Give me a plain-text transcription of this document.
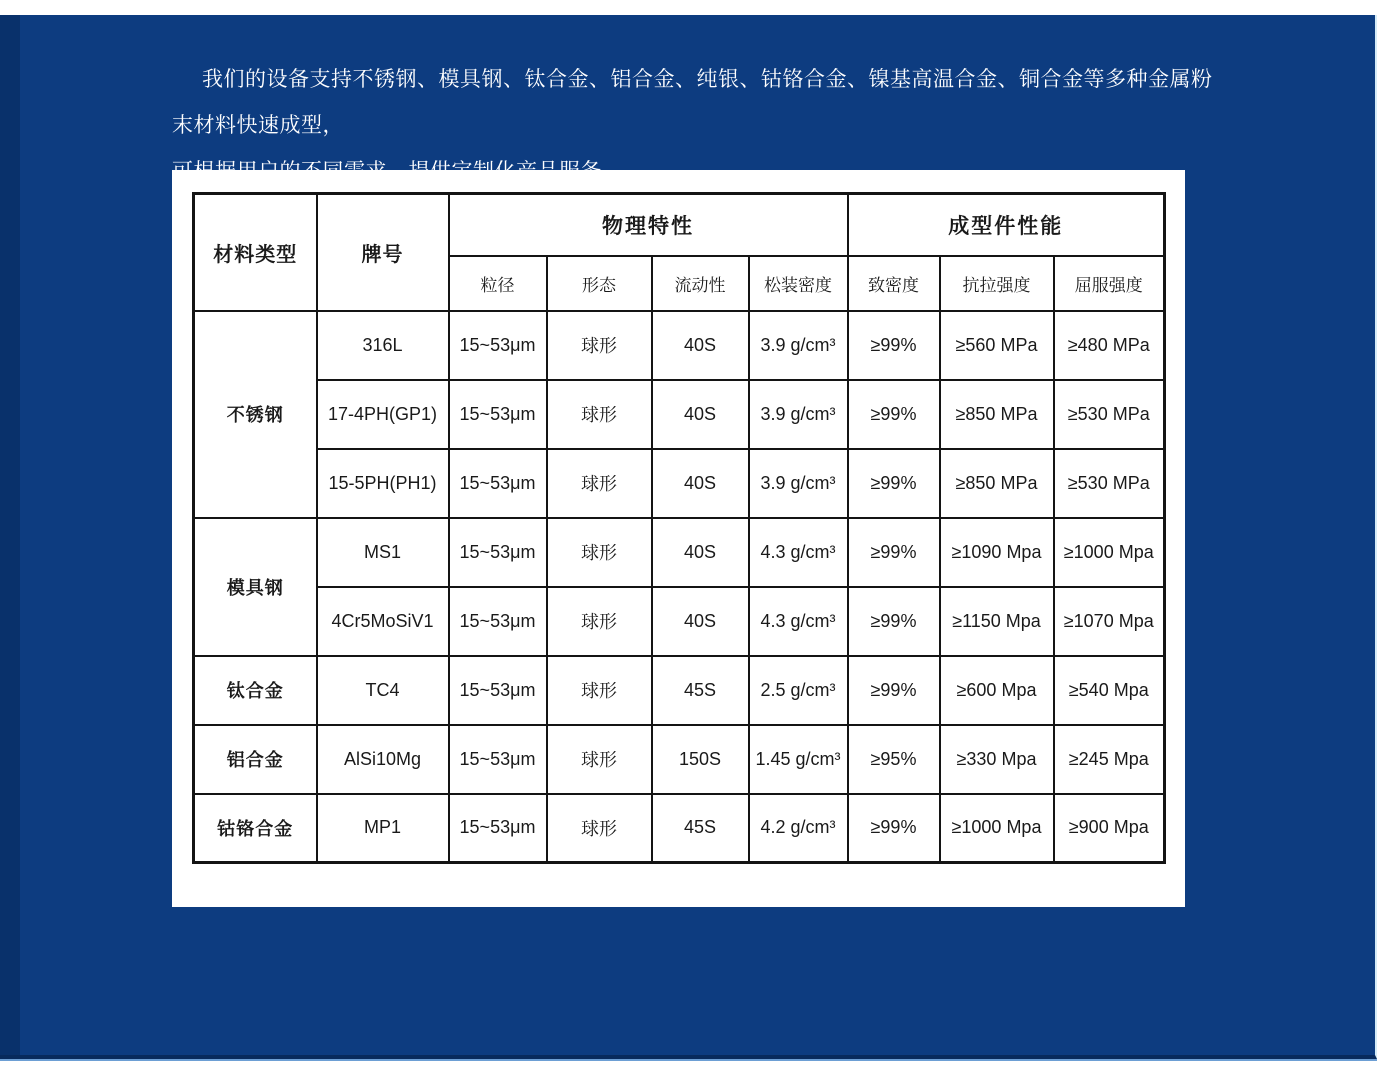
我们的设备支持不锈钢、模具钢、钛合金、铝合金、纯银、钴铬合金、镍基高温合金、铜合金等多种金属粉末材料快速成型，

材料类型	牌号	物理特性				成型件性能		
		粒径	形态	流动性	松装密度	致密度	抗拉强度	屈服强度
不锈钢	316L	15~53μm	球形	40S	3.9 g/cm³	≥99%	≥560 MPa	≥480 MPa
	17-4PH(GP1)	15~53μm	球形	40S	3.9 g/cm³	≥99%	≥850 MPa	≥530 MPa
	15-5PH(PH1)	15~53μm	球形	40S	3.9 g/cm³	≥99%	≥850 MPa	≥530 MPa
模具钢	MS1	15~53μm	球形	40S	4.3 g/cm³	≥99%	≥1090 Mpa	≥1000 Mpa
	4Cr5MoSiV1	15~53μm	球形	40S	4.3 g/cm³	≥99%	≥1150 Mpa	≥1070 Mpa
钛合金	TC4	15~53μm	球形	45S	2.5 g/cm³	≥99%	≥600 Mpa	≥540 Mpa
铝合金	AlSi10Mg	15~53μm	球形	150S	1.45 g/cm³	≥95%	≥330 Mpa	≥245 Mpa
钴铬合金	MP1	15~53μm	球形	45S	4.2 g/cm³	≥99%	≥1000 Mpa	≥900 Mpa
